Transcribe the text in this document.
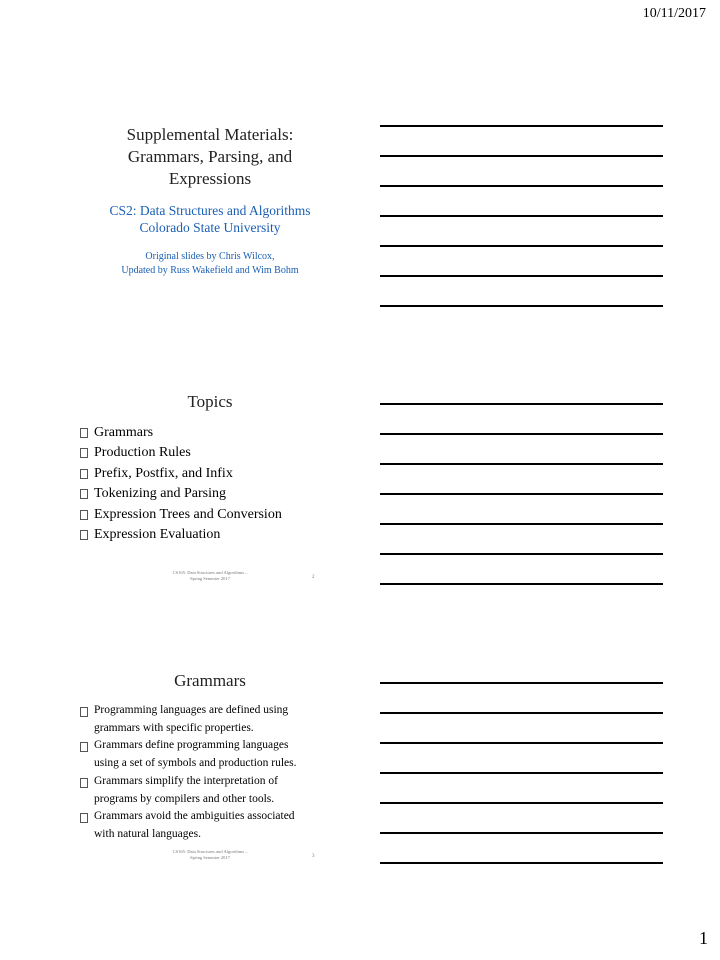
10/11/2017
Supplemental Materials:
Grammars, Parsing, and
Expressions
CS2: Data Structures and Algorithms
Colorado State University
Original slides by Chris Wilcox,
Updated by Russ Wakefield and Wim Bohm
Topics
Grammars
Production Rules
Prefix, Postfix, and Infix
Tokenizing and Parsing
Expression Trees and Conversion
Expression Evaluation
CS165: Data Structures and Algorithms –
Spring Semester 2017	2
Grammars
Programming languages are defined using
grammars with specific properties.
Grammars define programming languages
using a set of symbols and production rules.
Grammars simplify the interpretation of
programs by compilers and other tools.
Grammars avoid the ambiguities associated
with natural languages.
CS165: Data Structures and Algorithms –
Spring Semester 2017	3
1
